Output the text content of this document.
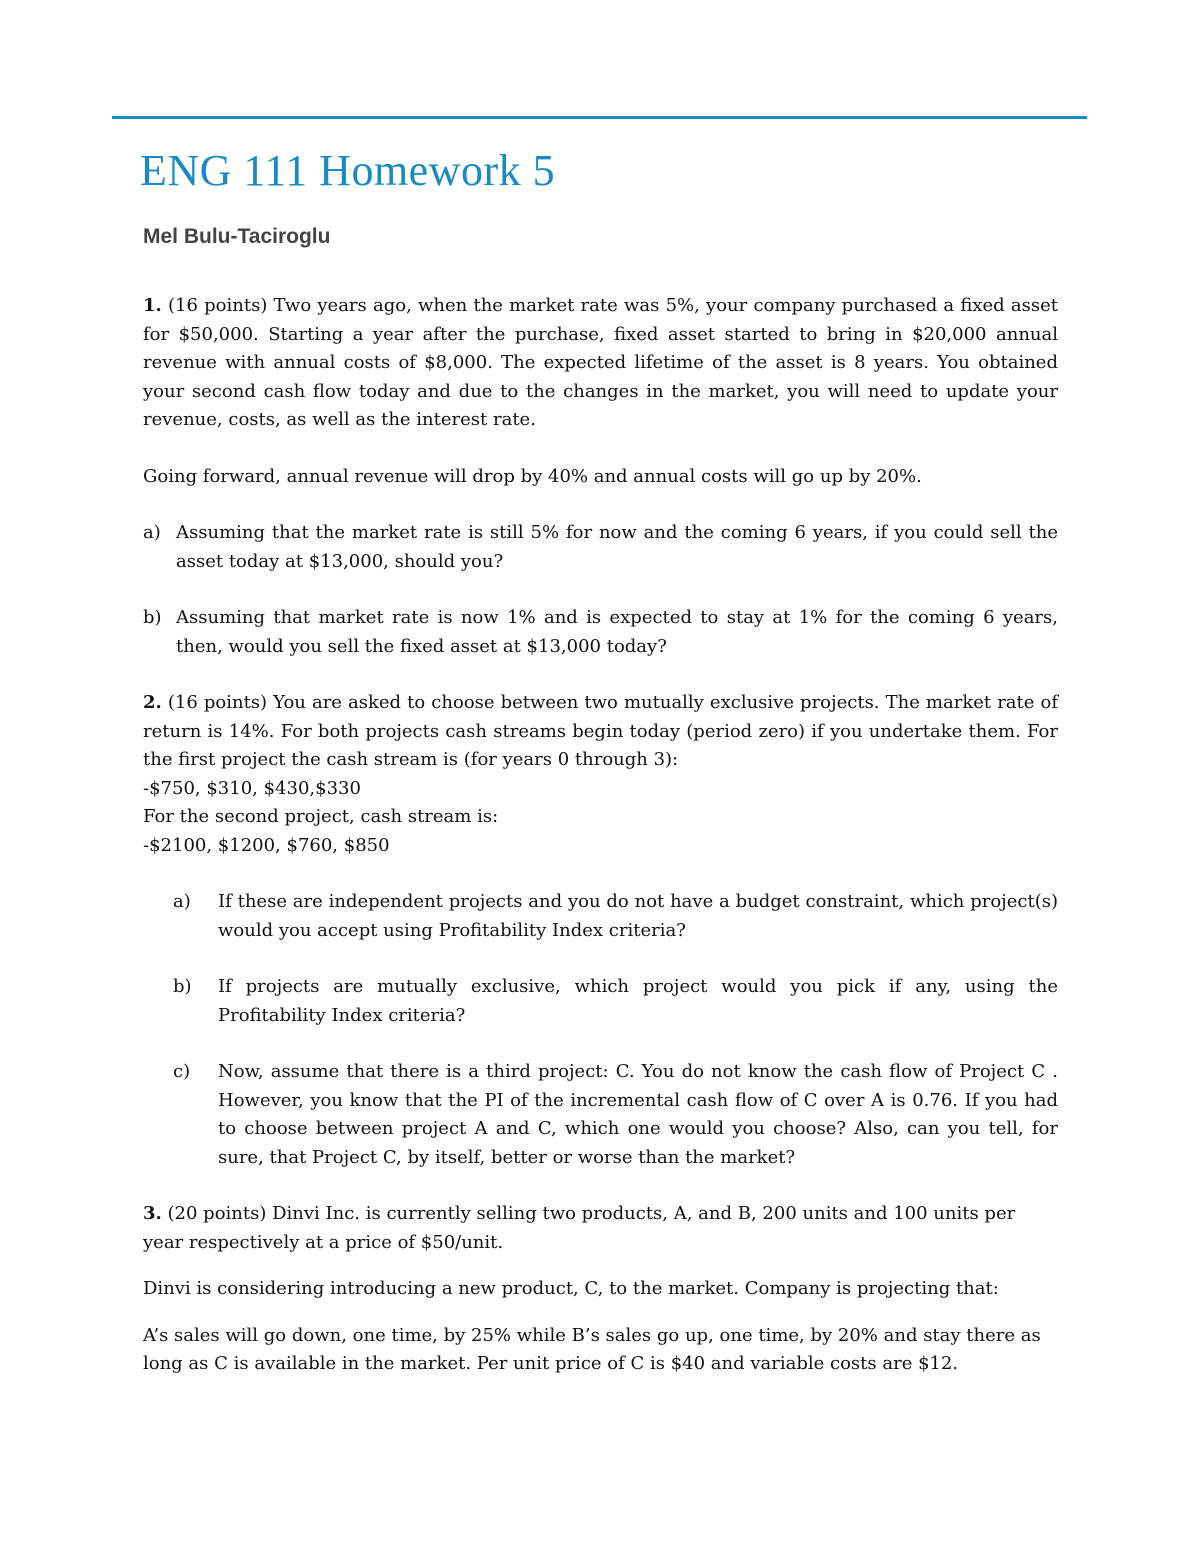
ENG 111 Homework 5
Mel Bulu-Taciroglu

1. (16 points) Two years ago, when the market rate was 5%, your company purchased a fixed asset for $50,000. Starting a year after the purchase, fixed asset started to bring in $20,000 annual revenue with annual costs of $8,000. The expected lifetime of the asset is 8 years. You obtained your second cash flow today and due to the changes in the market, you will need to update your revenue, costs, as well as the interest rate.

Going forward, annual revenue will drop by 40% and annual costs will go up by 20%.

a) Assuming that the market rate is still 5% for now and the coming 6 years, if you could sell the asset today at $13,000, should you?
b) Assuming that market rate is now 1% and is expected to stay at 1% for the coming 6 years, then, would you sell the fixed asset at $13,000 today?

2. (16 points) You are asked to choose between two mutually exclusive projects. The market rate of return is 14%. For both projects cash streams begin today (period zero) if you undertake them. For the first project the cash stream is (for years 0 through 3):

-$750, $310, $430,$330

For the second project, cash stream is:

-$2100, $1200, $760, $850

a)	If these are independent projects and you do not have a budget constraint, which project(s) would you accept using Profitability Index criteria?
b)	If projects are mutually exclusive, which project would you pick if any, using the Profitability Index criteria?
c)	Now, assume that there is a third project: C. You do not know the cash flow of Project C . However, you know that the PI of the incremental cash flow of C over A is 0.76. If you had to choose between project A and C, which one would you choose? Also, can you tell, for sure, that Project C, by itself, better or worse than the market?

3. (20 points) Dinvi Inc. is currently selling two products, A, and B, 200 units and 100 units per year respectively at a price of $50/unit.

Dinvi is considering introducing a new product, C, to the market. Company is projecting that:

A’s sales will go down, one time, by 25% while B’s sales go up, one time, by 20% and stay there as long as C is available in the market. Per unit price of C is $40 and variable costs are $12.
